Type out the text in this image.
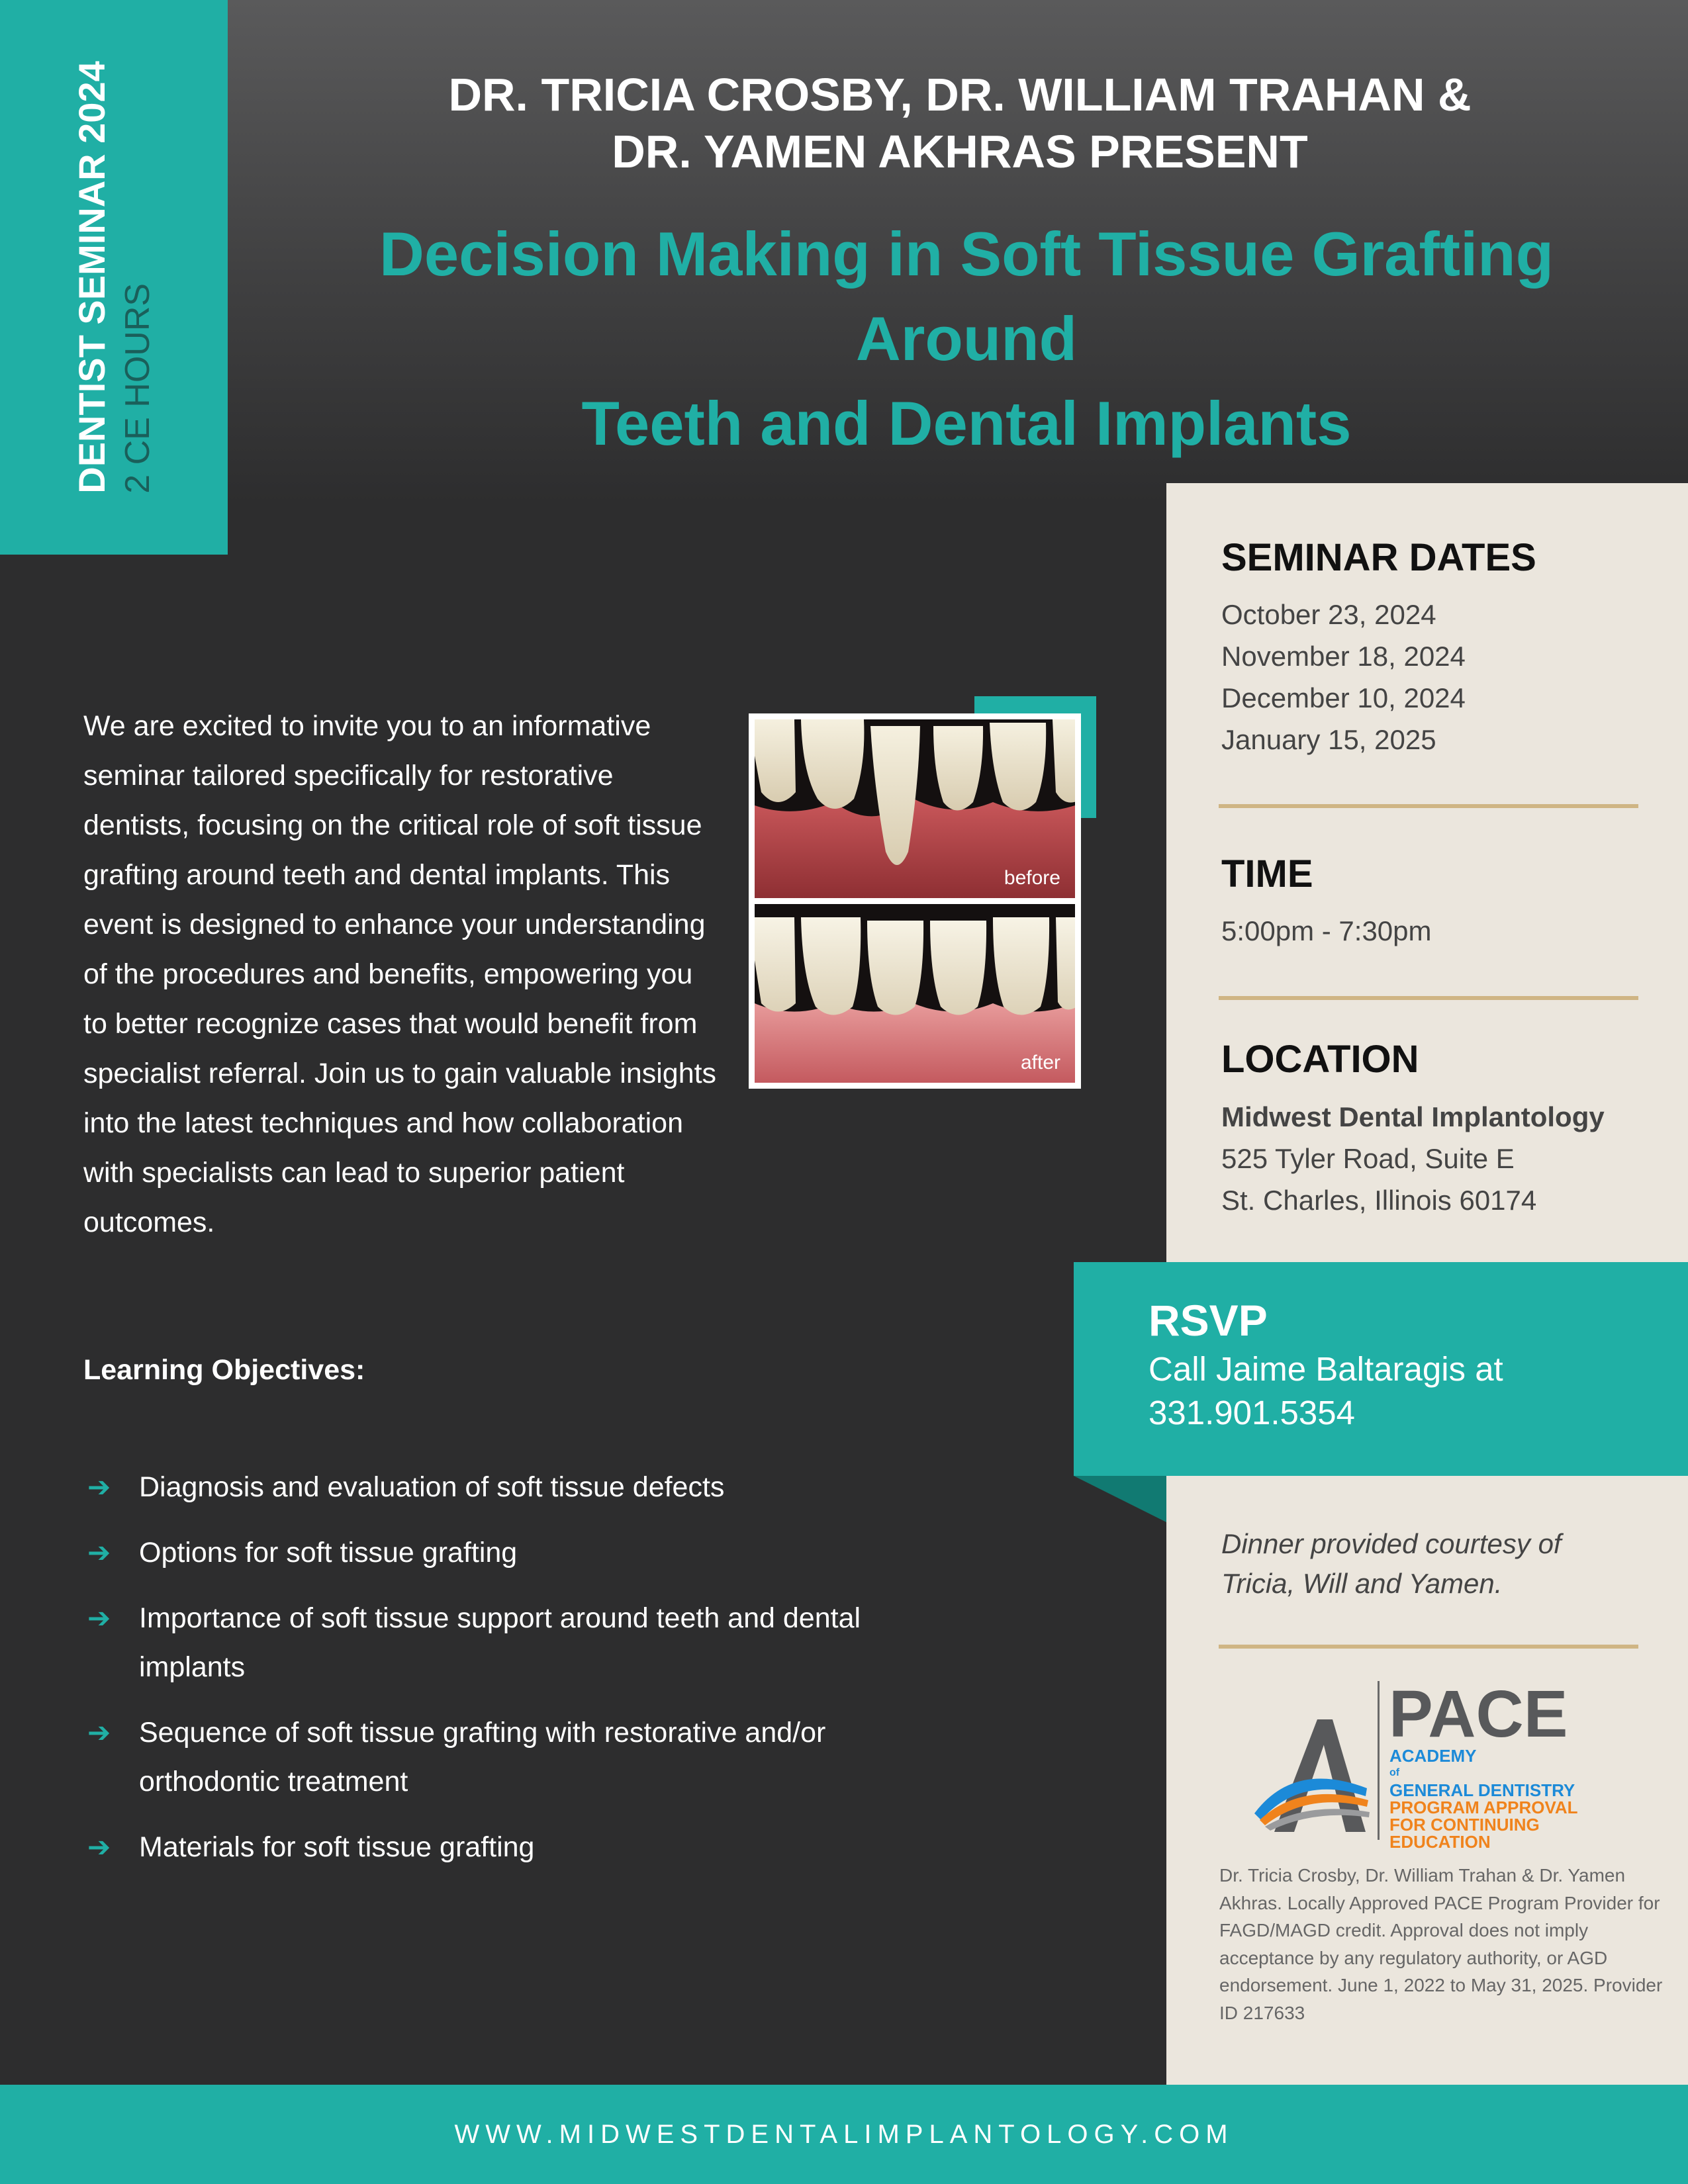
DENTIST SEMINAR 2024 2 CE HOURS
DR. TRICIA CROSBY, DR. WILLIAM TRAHAN &
DR. YAMEN AKHRAS PRESENT
Decision Making in Soft Tissue Grafting Around
Teeth and Dental Implants
We are excited to invite you to an informative seminar tailored specifically for restorative dentists, focusing on the critical role of soft tissue grafting around teeth and dental implants. This event is designed to enhance your understanding of the procedures and benefits, empowering you to better recognize cases that would benefit from specialist referral. Join us to gain valuable insights into the latest techniques and how collaboration with specialists can lead to superior patient outcomes.
before
after
Learning Objectives:
➔ Diagnosis and evaluation of soft tissue defects
➔ Options for soft tissue grafting
➔ Importance of soft tissue support around teeth and dental implants
➔ Sequence of soft tissue grafting with restorative and/or orthodontic treatment
➔ Materials for soft tissue grafting
SEMINAR DATES
October 23, 2024
November 18, 2024
December 10, 2024
January 15, 2025
TIME
5:00pm - 7:30pm
LOCATION
Midwest Dental Implantology
525 Tyler Road, Suite E
St. Charles, Illinois 60174
RSVP
Call Jaime Baltaragis at
331.901.5354
Dinner provided courtesy of
Tricia, Will and Yamen.
PACE
ACADEMY
of
GENERAL DENTISTRY
PROGRAM APPROVAL
FOR CONTINUING
EDUCATION
Dr. Tricia Crosby, Dr. William Trahan & Dr. Yamen Akhras. Locally Approved PACE Program Provider for FAGD/MAGD credit. Approval does not imply acceptance by any regulatory authority, or AGD endorsement. June 1, 2022 to May 31, 2025. Provider ID 217633
WWW.MIDWESTDENTALIMPLANTOLOGY.COM
